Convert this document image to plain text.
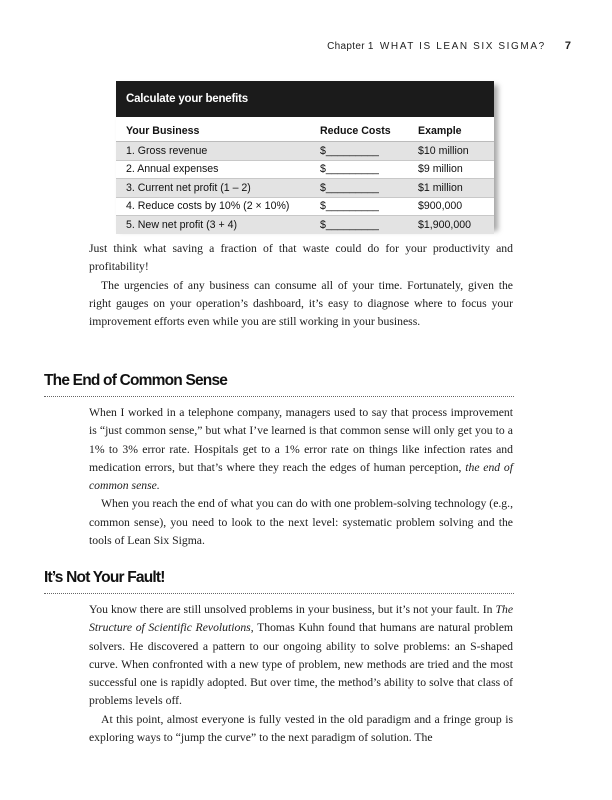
Chapter 1 WHAT IS LEAN SIX SIGMA? 7
Calculate your benefits
Your Business	Reduce Costs	Example
1. Gross revenue	$_________	$10 million
2. Annual expenses	$_________	$9 million
3. Current net profit (1 – 2)	$_________	$1 million
4. Reduce costs by 10% (2 × 10%)	$_________	$900,000
5. New net profit (3 + 4)	$_________	$1,900,000

Just think what saving a fraction of that waste could do for your productivity and profitability!

The urgencies of any business can consume all of your time. Fortunately, given the right gauges on your operation’s dashboard, it’s easy to diagnose where to focus your improvement efforts even while you are still working in your business.

The End of Common Sense

When I worked in a telephone company, managers used to say that process improvement is “just common sense,” but what I’ve learned is that common sense will only get you to a 1% to 3% error rate. Hospitals get to a 1% error rate on things like infection rates and medication errors, but that’s where they reach the edges of human perception, the end of common sense.

When you reach the end of what you can do with one problem-solving technology (e.g., common sense), you need to look to the next level: systematic problem solving and the tools of Lean Six Sigma.

It’s Not Your Fault!

You know there are still unsolved problems in your business, but it’s not your fault. In The Structure of Scientific Revolutions, Thomas Kuhn found that humans are natural problem solvers. He discovered a pattern to our ongoing ability to solve problems: an S-shaped curve. When confronted with a new type of problem, new methods are tried and the most successful one is rapidly adopted. But over time, the method’s ability to solve that class of problems levels off.

At this point, almost everyone is fully vested in the old paradigm and a fringe group is exploring ways to “jump the curve” to the next paradigm of solution. The
